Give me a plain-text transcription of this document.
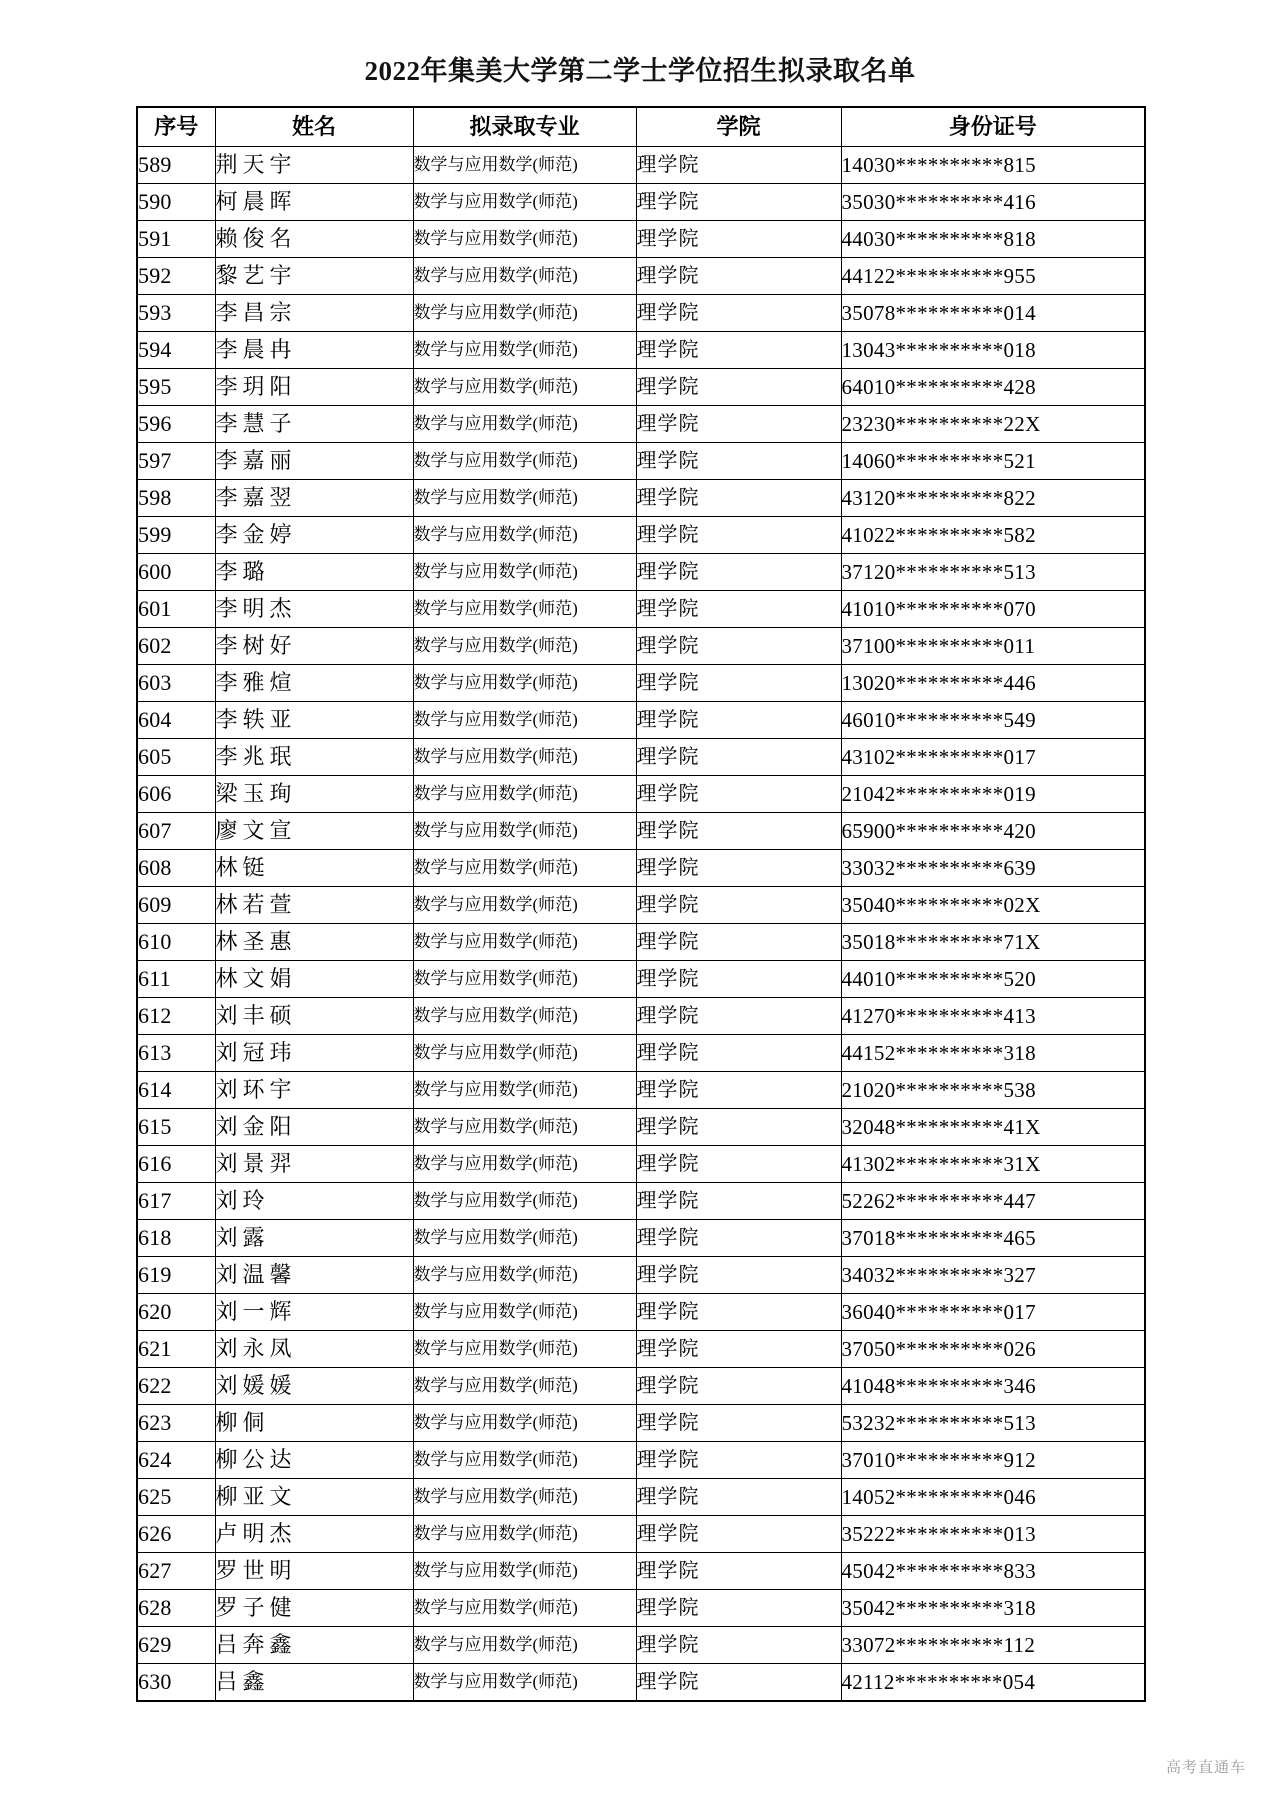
2022年集美大学第二学士学位招生拟录取名单
序号	姓名	拟录取专业	学院	身份证号
589	荆天宇	数学与应用数学(师范)	理学院	14030**********815
590	柯晨晖	数学与应用数学(师范)	理学院	35030**********416
591	赖俊名	数学与应用数学(师范)	理学院	44030**********818
592	黎艺宇	数学与应用数学(师范)	理学院	44122**********955
593	李昌宗	数学与应用数学(师范)	理学院	35078**********014
594	李晨冉	数学与应用数学(师范)	理学院	13043**********018
595	李玥阳	数学与应用数学(师范)	理学院	64010**********428
596	李慧子	数学与应用数学(师范)	理学院	23230**********22X
597	李嘉丽	数学与应用数学(师范)	理学院	14060**********521
598	李嘉翌	数学与应用数学(师范)	理学院	43120**********822
599	李金婷	数学与应用数学(师范)	理学院	41022**********582
600	李璐	数学与应用数学(师范)	理学院	37120**********513
601	李明杰	数学与应用数学(师范)	理学院	41010**********070
602	李树好	数学与应用数学(师范)	理学院	37100**********011
603	李雅煊	数学与应用数学(师范)	理学院	13020**********446
604	李轶亚	数学与应用数学(师范)	理学院	46010**********549
605	李兆珉	数学与应用数学(师范)	理学院	43102**********017
606	梁玉珣	数学与应用数学(师范)	理学院	21042**********019
607	廖文宣	数学与应用数学(师范)	理学院	65900**********420
608	林铤	数学与应用数学(师范)	理学院	33032**********639
609	林若萱	数学与应用数学(师范)	理学院	35040**********02X
610	林圣惠	数学与应用数学(师范)	理学院	35018**********71X
611	林文娟	数学与应用数学(师范)	理学院	44010**********520
612	刘丰硕	数学与应用数学(师范)	理学院	41270**********413
613	刘冠玮	数学与应用数学(师范)	理学院	44152**********318
614	刘环宇	数学与应用数学(师范)	理学院	21020**********538
615	刘金阳	数学与应用数学(师范)	理学院	32048**********41X
616	刘景羿	数学与应用数学(师范)	理学院	41302**********31X
617	刘玲	数学与应用数学(师范)	理学院	52262**********447
618	刘露	数学与应用数学(师范)	理学院	37018**********465
619	刘温馨	数学与应用数学(师范)	理学院	34032**********327
620	刘一辉	数学与应用数学(师范)	理学院	36040**********017
621	刘永凤	数学与应用数学(师范)	理学院	37050**********026
622	刘媛媛	数学与应用数学(师范)	理学院	41048**********346
623	柳侗	数学与应用数学(师范)	理学院	53232**********513
624	柳公达	数学与应用数学(师范)	理学院	37010**********912
625	柳亚文	数学与应用数学(师范)	理学院	14052**********046
626	卢明杰	数学与应用数学(师范)	理学院	35222**********013
627	罗世明	数学与应用数学(师范)	理学院	45042**********833
628	罗子健	数学与应用数学(师范)	理学院	35042**********318
629	吕奔鑫	数学与应用数学(师范)	理学院	33072**********112
630	吕鑫	数学与应用数学(师范)	理学院	42112**********054
高考直通车
